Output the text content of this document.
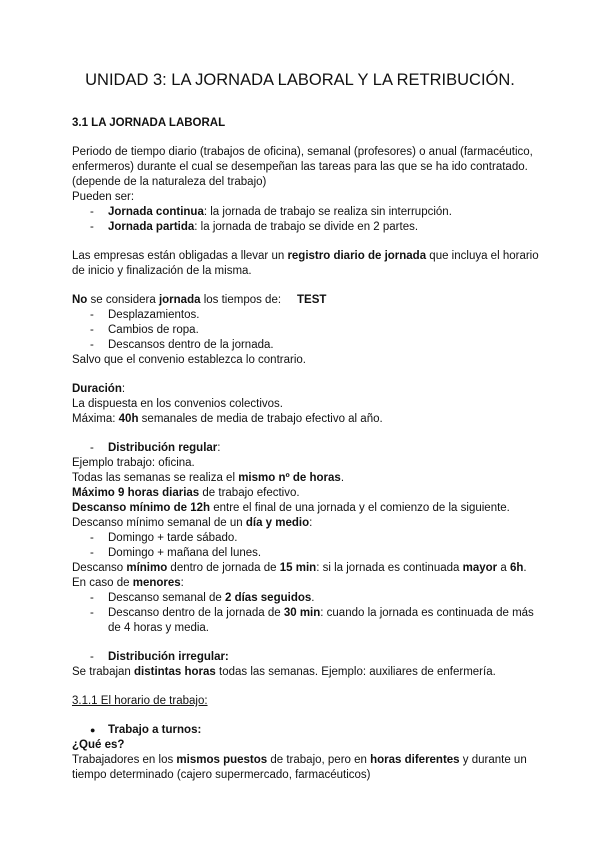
UNIDAD 3: LA JORNADA LABORAL Y LA RETRIBUCIÓN.
3.1 LA JORNADA LABORAL
Periodo de tiempo diario (trabajos de oficina), semanal (profesores) o anual (farmacéutico,
enfermeros) durante el cual se desempeñan las tareas para las que se ha ido contratado.
(depende de la naturaleza del trabajo)
Pueden ser:
- Jornada continua: la jornada de trabajo se realiza sin interrupción.
- Jornada partida: la jornada de trabajo se divide en 2 partes.
Las empresas están obligadas a llevar un registro diario de jornada que incluya el horario
de inicio y finalización de la misma.
No se considera jornada los tiempos de: TEST
- Desplazamientos.
- Cambios de ropa.
- Descansos dentro de la jornada.
Salvo que el convenio establezca lo contrario.
Duración:
La dispuesta en los convenios colectivos.
Máxima: 40h semanales de media de trabajo efectivo al año.
- Distribución regular:
Ejemplo trabajo: oficina.
Todas las semanas se realiza el mismo nº de horas.
Máximo 9 horas diarias de trabajo efectivo.
Descanso mínimo de 12h entre el final de una jornada y el comienzo de la siguiente.
Descanso mínimo semanal de un día y medio:
- Domingo + tarde sábado.
- Domingo + mañana del lunes.
Descanso mínimo dentro de jornada de 15 min: si la jornada es continuada mayor a 6h.
En caso de menores:
- Descanso semanal de 2 días seguidos.
- Descanso dentro de la jornada de 30 min: cuando la jornada es continuada de más
de 4 horas y media.
- Distribución irregular:
Se trabajan distintas horas todas las semanas. Ejemplo: auxiliares de enfermería.
3.1.1 El horario de trabajo:
● Trabajo a turnos:
¿Qué es?
Trabajadores en los mismos puestos de trabajo, pero en horas diferentes y durante un
tiempo determinado (cajero supermercado, farmacéuticos)
